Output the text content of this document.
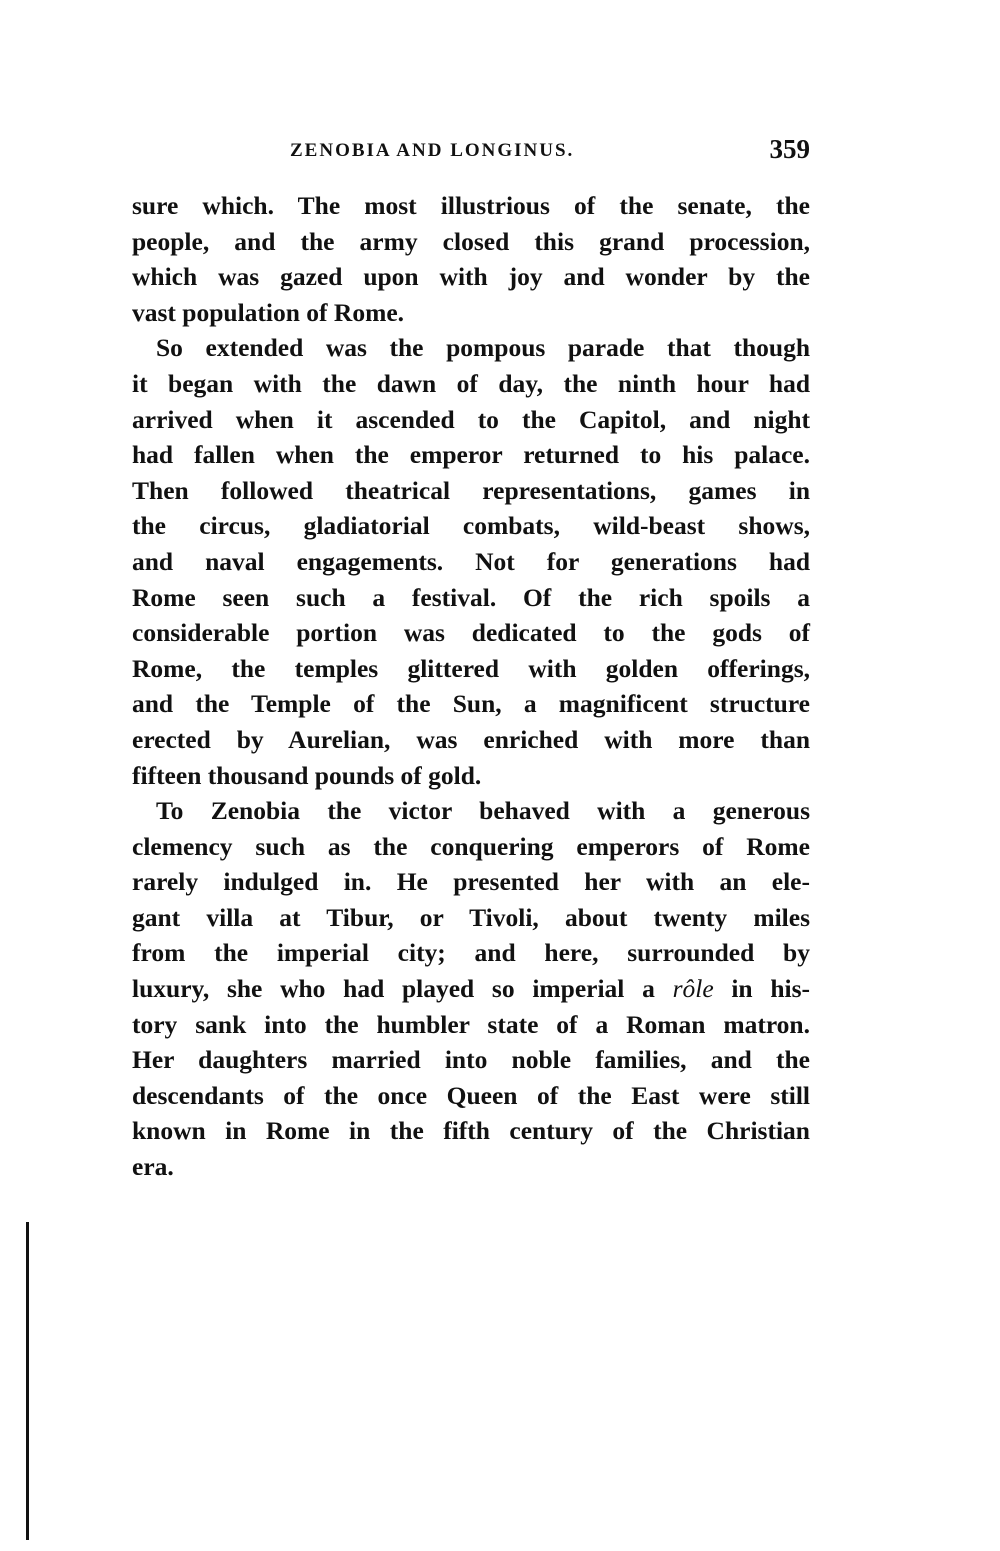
ZENOBIA AND LONGINUS.	359
sure which. The most illustrious of the senate, the
people, and the army closed this grand procession,
which was gazed upon with joy and wonder by the
vast population of Rome.
So extended was the pompous parade that though
it began with the dawn of day, the ninth hour had
arrived when it ascended to the Capitol, and night
had fallen when the emperor returned to his palace.
Then followed theatrical representations, games in
the circus, gladiatorial combats, wild-beast shows,
and naval engagements. Not for generations had
Rome seen such a festival. Of the rich spoils a
considerable portion was dedicated to the gods of
Rome, the temples glittered with golden offerings,
and the Temple of the Sun, a magnificent structure
erected by Aurelian, was enriched with more than
fifteen thousand pounds of gold.
To Zenobia the victor behaved with a generous
clemency such as the conquering emperors of Rome
rarely indulged in. He presented her with an ele-
gant villa at Tibur, or Tivoli, about twenty miles
from the imperial city; and here, surrounded by
luxury, she who had played so imperial a rôle in his-
tory sank into the humbler state of a Roman matron.
Her daughters married into noble families, and the
descendants of the once Queen of the East were still
known in Rome in the fifth century of the Christian
era.
